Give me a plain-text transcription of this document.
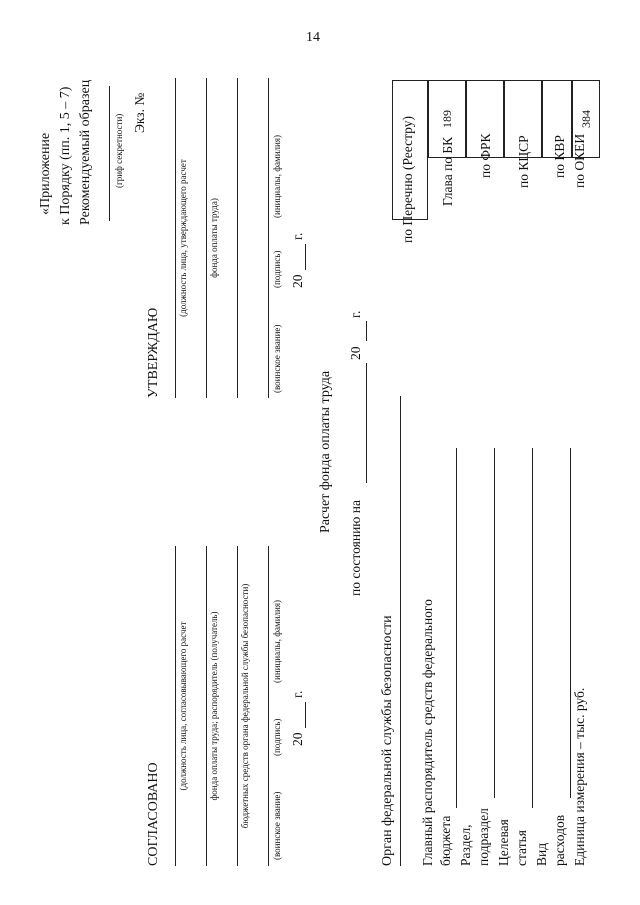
14
«Приложение к Порядку (пп. 1, 5 – 7) Рекомендуемый образец (гриф секретности)
Экз. №
СОГЛАСОВАНО
(должность лица, согласовывающего расчет фонда оплаты труда; распорядитель (получатель) бюджетных средств органа федеральной службы безопасности) (воинское звание)
(подпись)
(инициалы, фамилия)
20
г.
УТВЕРЖДАЮ
(должность лица, утверждающего расчет фонда оплаты труда)
(воинское звание)
(подпись)
(инициалы, фамилия)
20
г.
Расчет фонда оплаты труда
по состоянию на
20
г.
Орган федеральной службы безопасности Главный распорядитель средств федерального бюджета Раздел, подраздел Целевая статья Вид расходов Единица измерения – тыс. руб.
по Перечню (Реестру) Глава по БК по ФРК по КЦСР по КВР по ОКЕИ
189	384
